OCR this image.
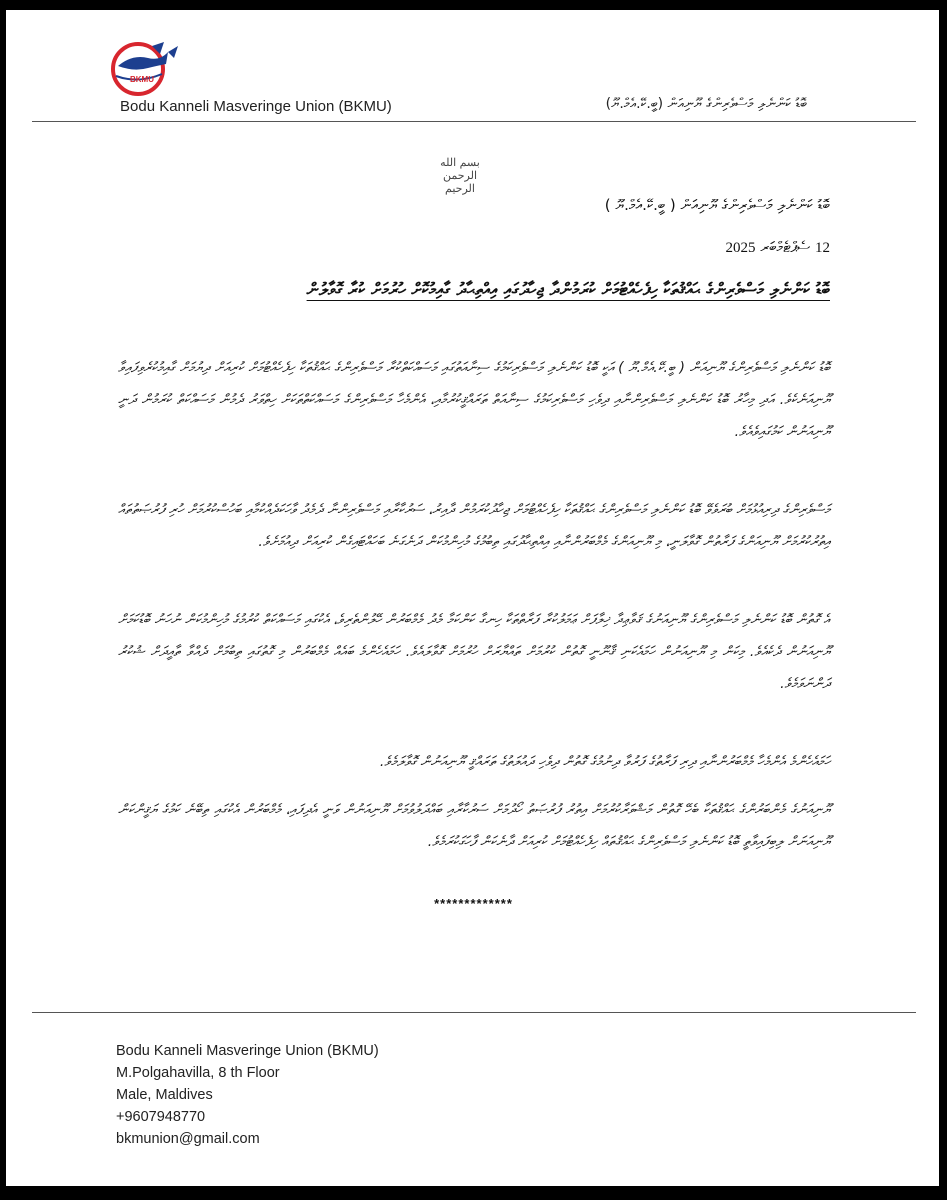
BKMU
Bodu Kanneli Masveringe Union (BKMU)	ބޮޑު ކަންނެލި މަސްވެރިންގެ ޔޫނިއަން (ބީ.ކޭ.އެމް.ޔޫ)
بسم الله الرحمن الرحيم
ބޮޑު ކަންނެލި މަސްވެރިންގެ ޔޫނިއަން ( ބީ.ކޭ.އެމް.ޔޫ )
12 ސެޕްޓެމްބަރ 2025
ބޮޑު ކަންނެލި މަސްވެރިންގެ ޙައްޤުތަކާ ހިފެހެއްޓުމަށް ކުރަމުންދާ ޖިހާދުގައި އިއްތިޙާދު ގާއިމުކޮށް ހުރުމަށް ކުރާ ގޮވާލުން
ބޮޑު ކަންނެލި މަސްވެރިންގެ ޔޫނިއަން ( ބީ.ކޭ.އެމް.ޔޫ ) އަކީ ބޮޑު ކަންނެލި މަސްވެރިކަމުގެ ސިނާއަތުގައި މަސައްކަތްކުރާ މަސްވެރިންގެ ޙައްޤުތަކާ ހިފެހެއްޓުމަށް ކުރިއަށް ދިޔުމަށް ގާއިމުކުރެވިފައިވާ ޔޫނިއަނެކެވެ. އަދި މިހާރު ބޮޑު ކަންނެލި މަސްވެރިންނާއި ދިވެހި މަސްވެރިކަމުގެ ސިނާއަތް ތަރައްޤީކުރުމާއި، އެންމެހާ މަސްވެރިންގެ މަސައްކަތްތަކަށް ހިތްވަރު ދެމުން މަސައްކަތް ކުރަމުން ދަނީ ޔޫނިއަނުން ކަމުގައިވެއެވެ.
މަސްވެރިންގެ ދިރިއުޅުމަށް ބުރަވެވޭ ބޮޑު ކަންނެލި މަސްވެރިންގެ ޙައްޤުތަކާ ހިފެހެއްޓުމަށް ޖިހާދުކުރަމުން ދާއިރު، ސަރުކާރާއި މަސްވެރިންނާ ދެމެދު ވާހަކަދެއްކުމާއި ބަހުސްކުރުމަށް ހުރި ފުރުޞަތުތައް އިތުރުކުރުމަށް ޔޫނިއަންގެ ފަރާތުން ގޮވާލަނީ، މި ޔޫނިއަންގެ މެމްބަރުންނާއި އިއްތިޙާދުގައި ތިބުމުގެ މުހިންމުކަން ދަނެގަނެ ބަހައްޓައިގެން ކުރިއަށް ދިއުމަށެވެ.
އެ ގޮތުން ބޮޑު ކަންނެލި މަސްވެރިންގެ ޔޫނިއަނުގެ ޤަވާޢިދާ ޚިލާފަށް ޢަމަލުކުރާ ފަރާތްތަކާ ހިނގާ ކަންކަމާ މެދު މެމްބަރުން ހޭލުންތެރިވެ، އެކުގައި މަސައްކަތް ކުރުމުގެ މުހިންމުކަން ނުހަނު ބޮޑުކަމަށް ޔޫނިއަނުން ދެކެއެވެ. މިކަން މި ޔޫނިއަނުން ހަމައެކަނި ޤާނޫނީ ގޮތުން ކުރުމަށް ތައްޔާރަށް ހުރުމަށް ގޮވާލައެވެ. ހަމައެހެންމެ ބައެއް މެމްބަރުން މި ގޮތުގައި ތިބުމަށް ދެއްވާ ތާއީދަށް ޝުކުރު ދަންނަވަމެވެ.
ހަމައެހެންމެ އެންމެހާ މެމްބަރުންނާއި ދިރި ފަރާތުގެ ފަރުވާ ދިނުމުގެ ގޮތުން ދިވެހި ދައުލަތުގެ ތަރައްޤީ ޔޫނިއަނުން ގޮވާލަމެވެ.
ޔޫނިއަނުގެ މެންބަރުންގެ ޙައްޤުތަކާ ބެހޭ ގޮތުން މަޝްވަރާކުރުމަށް އިތުރު ފުރުޞަތު ހޯދުމަށް ސަރުކާރާއި ބައްދަލުވުމަށް ޔޫނިއަނުން ވަނީ އެދިފައި، މެމްބަރުން އެކުގައި ތިބޭނެ ކަމުގެ ޔަޤީންކަން ޔޫނިއަނަށް ލިބިފައިވާތީ ބޮޑު ކަންނެލި މަސްވެރިންގެ ޙައްޤުތައް ހިފެހެއްޓުމަށް ކުރިއަށް ދާނެކަން ފާހަގަކުރަމެވެ.
*************
Bodu Kanneli Masveringe Union (BKMU)
M.Polgahavilla, 8 th Floor
Male, Maldives
+9607948770
bkmunion@gmail.com
